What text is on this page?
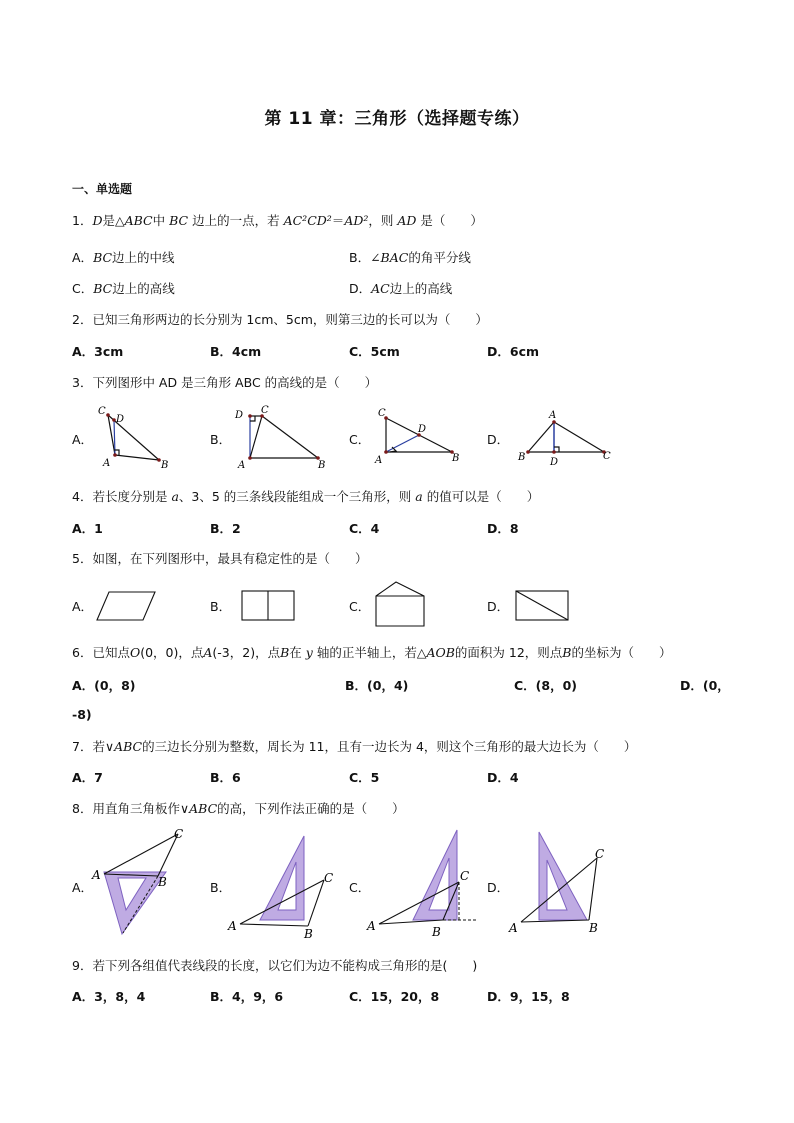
第 11 章：三角形（选择题专练）
一、单选题
1．D是△ABC中 BC 边上的一点，若 AC²CD²＝AD²，则 AD 是（　　）
A．BC边上的中线	B．∠BAC的角平分线
C．BC边上的高线	D．AC边上的高线
2．已知三角形两边的长分别为 1cm、5cm，则第三边的长可以为（　　）
A．3cm	B．4cm	C．5cm	D．6cm
3．下列图形中 AD 是三角形 ABC 的高线的是（　　）
A．	B．	C．	D．
C
D
A	B
D C
A	B
C
D
A	B
A
B D
C
4．若长度分别是 a、3、5 的三条线段能组成一个三角形，则 a 的值可以是（　　）
A．1	B．2	C．4	D．8
5．如图，在下列图形中，最具有稳定性的是（　　）
A．	B．	C．	D．
6．已知点O(0，0)，点A(-3，2)，点B在 y 轴的正半轴上，若△AOB的面积为 12，则点B的坐标为（　　）
A．(0，8)	B．(0，4)	C．(8，0)	D．(0，
-8)
7．若∨ABC的三边长分别为整数，周长为 11，且有一边长为 4，则这个三角形的最大边长为（　　）
A．7	B．6	C．5	D．4
8．用直角三角板作∨ABC的高，下列作法正确的是（　　）
A．	B．	C．	D．
A
C
B
A
C
B
A
C
B	A
C
B
9．若下列各组值代表线段的长度，以它们为边不能构成三角形的是(　　)
A．3，8，4	B．4，9，6	C．15，20，8	D．9，15，8
